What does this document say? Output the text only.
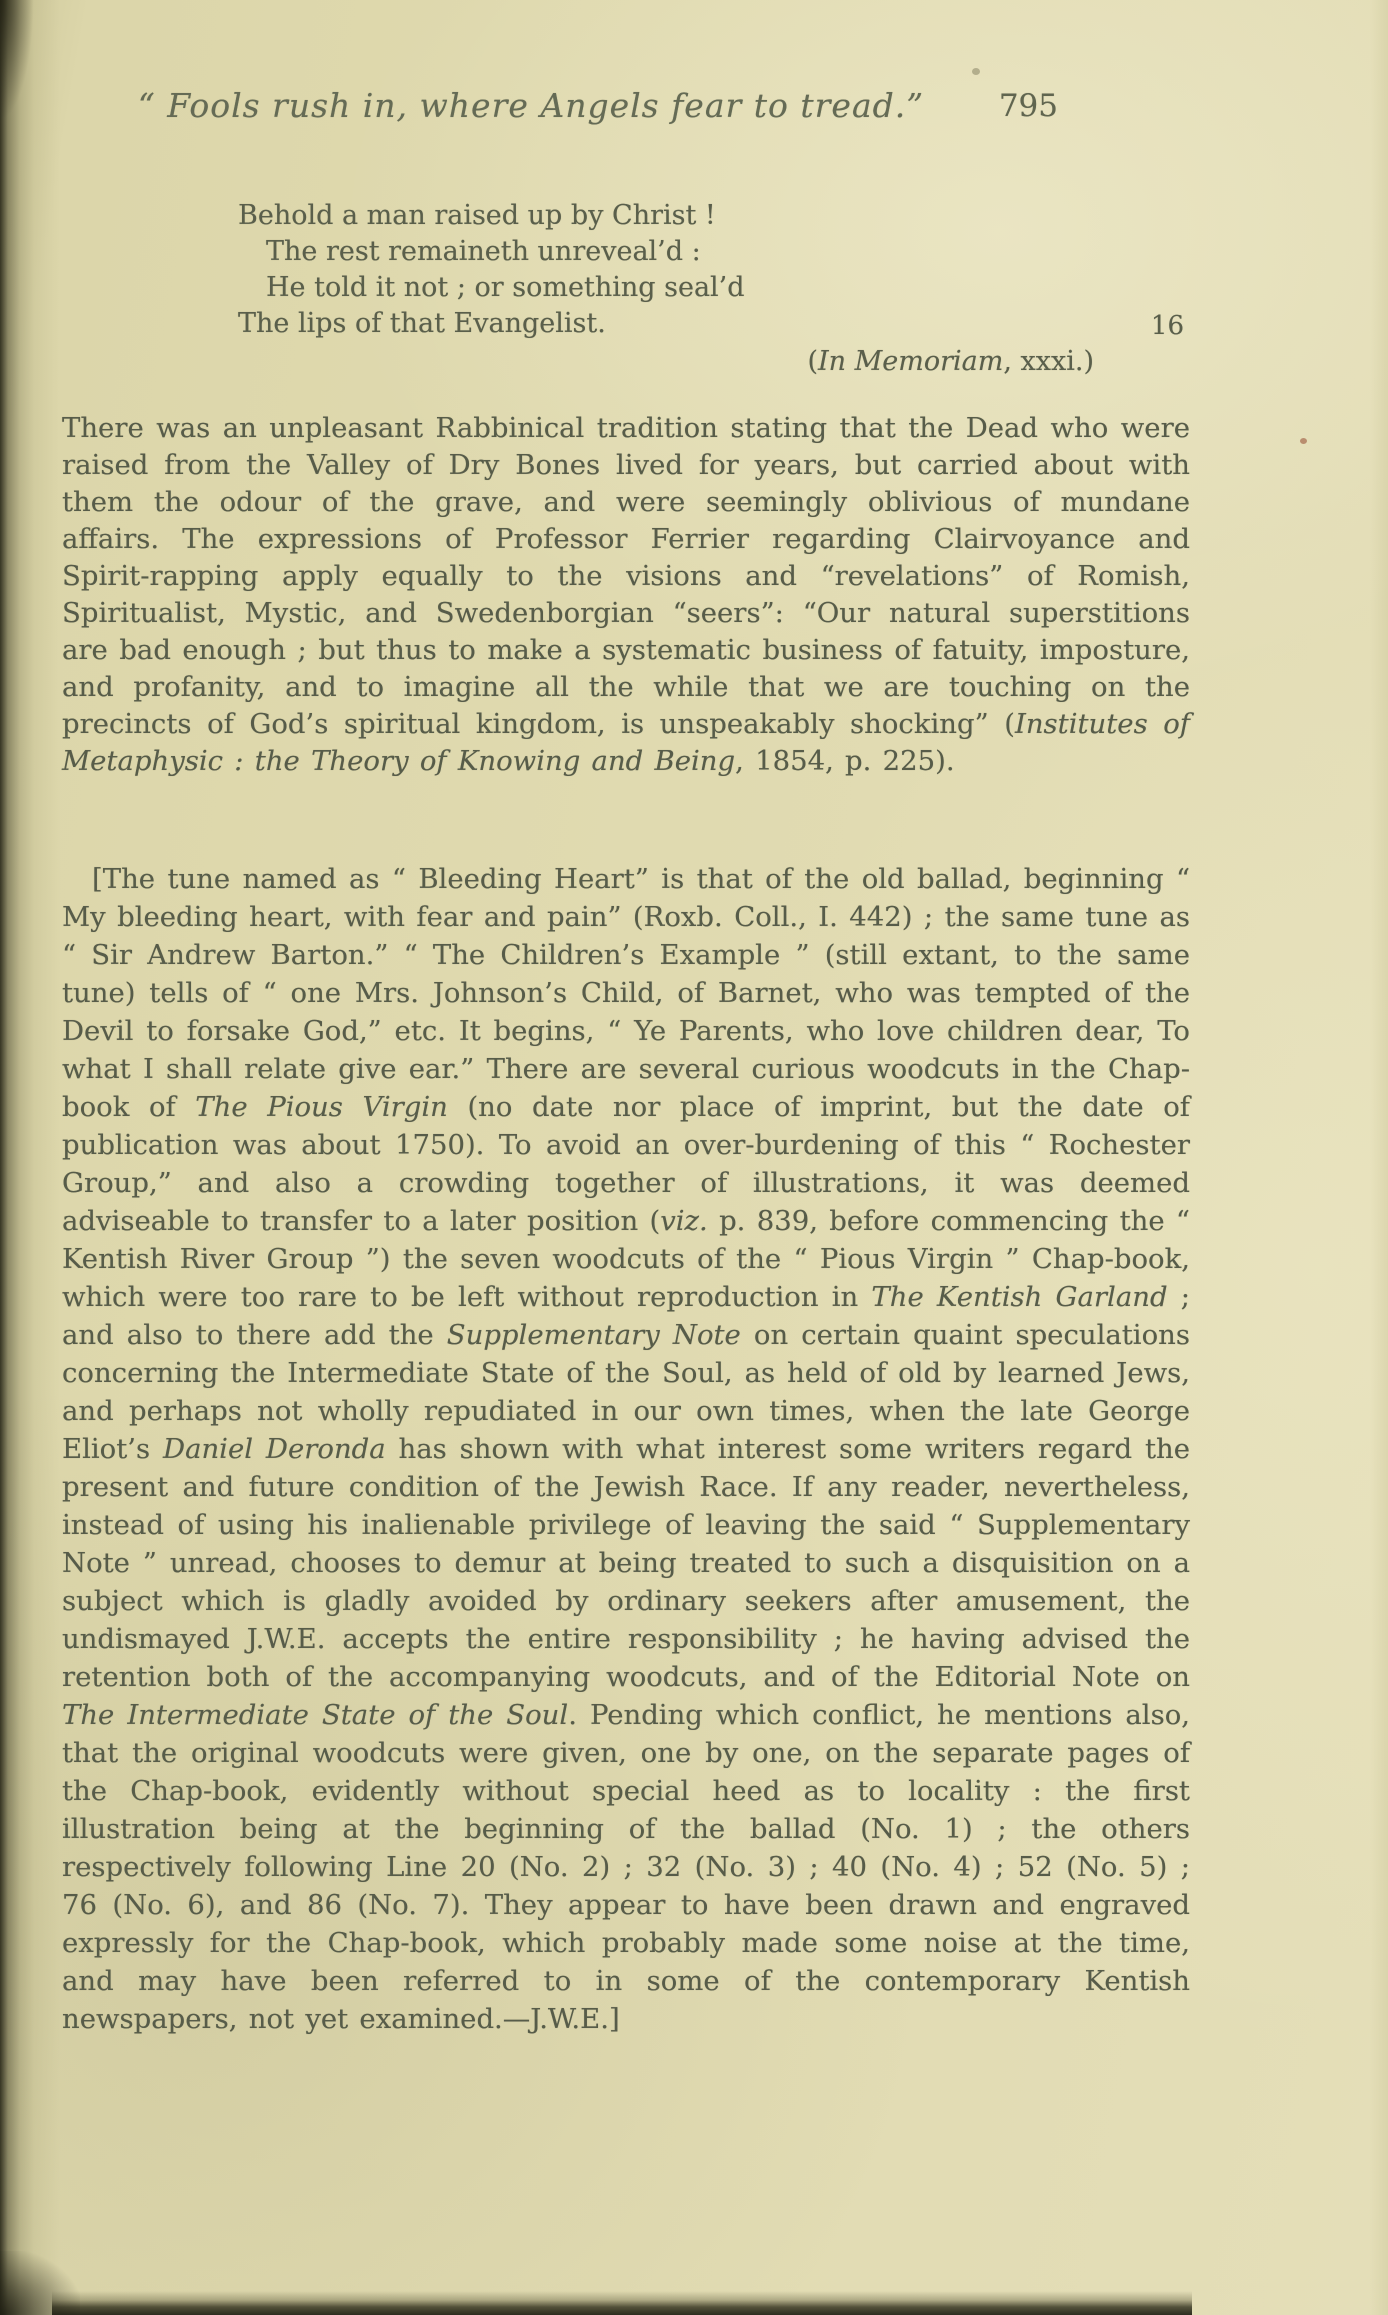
“ Fools rush in, where Angels fear to tread.”	795
Behold a man raised up by Christ !
The rest remaineth unreveal’d :
He told it not ; or something seal’d
The lips of that Evangelist.	16
(In Memoriam, xxxi.)

There was an unpleasant Rabbinical tradition stating that the Dead who were raised from the Valley of Dry Bones lived for years, but carried about with them the odour of the grave, and were seemingly oblivious of mundane affairs. The expressions of Professor Ferrier regarding Clairvoyance and Spirit-rapping apply equally to the visions and “revelations” of Romish, Spiritualist, Mystic, and Swedenborgian “seers”: “Our natural superstitions are bad enough ; but thus to make a systematic business of fatuity, imposture, and profanity, and to imagine all the while that we are touching on the precincts of God’s spiritual kingdom, is unspeakably shocking” (Institutes of Metaphysic : the Theory of Knowing and Being, 1854, p. 225).

[The tune named as “ Bleeding Heart” is that of the old ballad, beginning “ My bleeding heart, with fear and pain” (Roxb. Coll., I. 442) ; the same tune as “ Sir Andrew Barton.” “ The Children’s Example ” (still extant, to the same tune) tells of “ one Mrs. Johnson’s Child, of Barnet, who was tempted of the Devil to forsake God,” etc. It begins, “ Ye Parents, who love children dear, To what I shall relate give ear.” There are several curious woodcuts in the Chap-book of The Pious Virgin (no date nor place of imprint, but the date of publication was about 1750). To avoid an over-burdening of this “ Rochester Group,” and also a crowding together of illustrations, it was deemed adviseable to transfer to a later position (viz. p. 839, before commencing the “ Kentish River Group ”) the seven woodcuts of the “ Pious Virgin ” Chap-book, which were too rare to be left without reproduction in The Kentish Garland ; and also to there add the Supplementary Note on certain quaint speculations concerning the Intermediate State of the Soul, as held of old by learned Jews, and perhaps not wholly repudiated in our own times, when the late George Eliot’s Daniel Deronda has shown with what interest some writers regard the present and future condition of the Jewish Race. If any reader, nevertheless, instead of using his inalienable privilege of leaving the said “ Supplementary Note ” unread, chooses to demur at being treated to such a disquisition on a subject which is gladly avoided by ordinary seekers after amusement, the undismayed J.W.E. accepts the entire responsibility ; he having advised the retention both of the accompanying woodcuts, and of the Editorial Note on The Intermediate State of the Soul. Pending which conflict, he mentions also, that the original woodcuts were given, one by one, on the separate pages of the Chap-book, evidently without special heed as to locality : the first illustration being at the beginning of the ballad (No. 1) ; the others respectively following Line 20 (No. 2) ; 32 (No. 3) ; 40 (No. 4) ; 52 (No. 5) ; 76 (No. 6), and 86 (No. 7). They appear to have been drawn and engraved expressly for the Chap-book, which probably made some noise at the time, and may have been referred to in some of the contemporary Kentish newspapers, not yet examined.—J.W.E.]
